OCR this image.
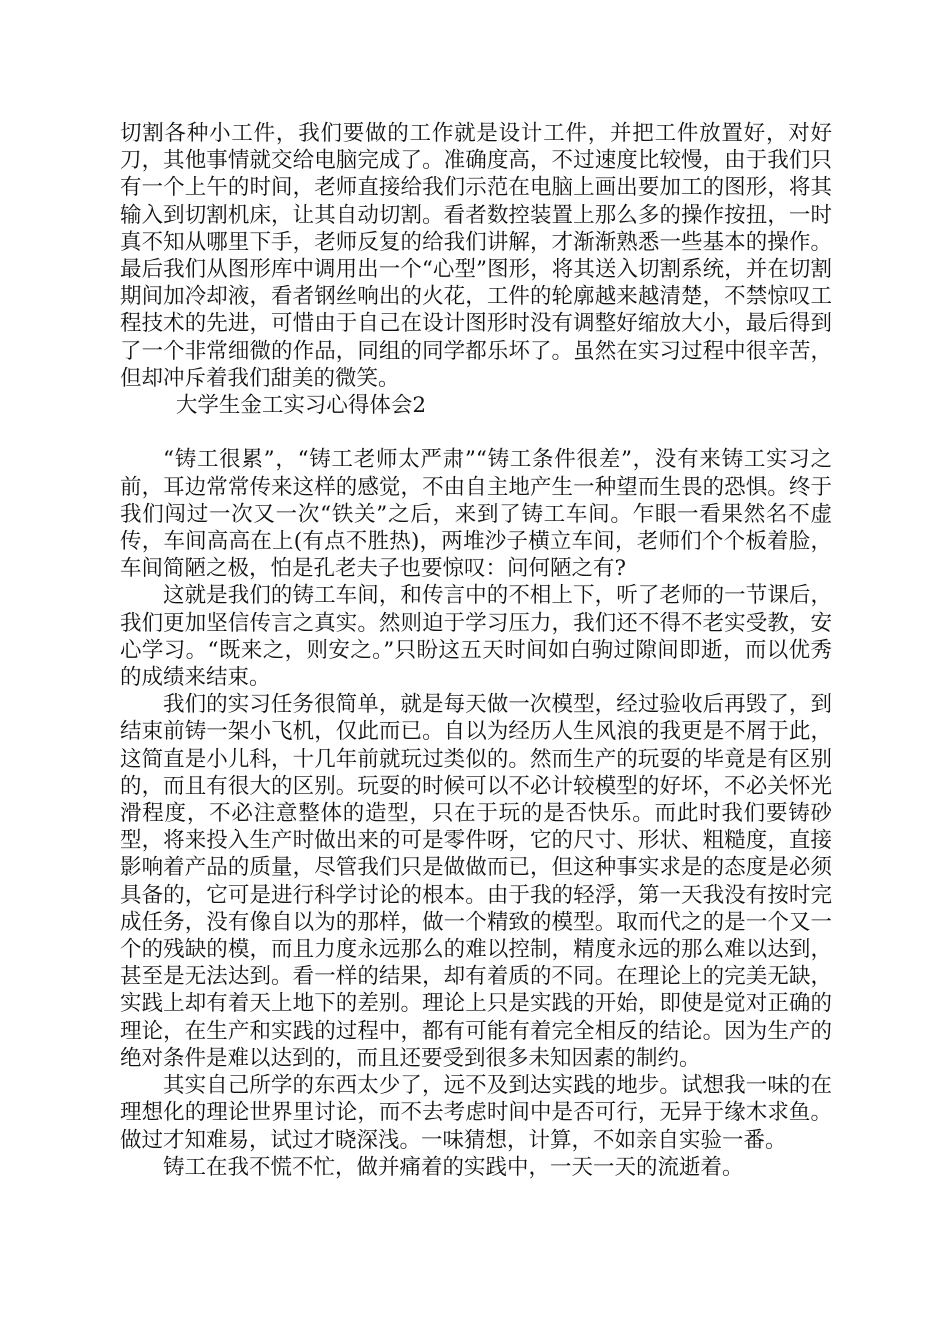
切割各种小工件，我们要做的工作就是设计工件，并把工件放置好，对好刀，其他事情就交给电脑完成了。准确度高，不过速度比较慢，由于我们只有一个上午的时间，老师直接给我们示范在电脑上画出要加工的图形，将其输入到切割机床，让其自动切割。看者数控装置上那么多的操作按扭，一时真不知从哪里下手，老师反复的给我们讲解，才渐渐熟悉一些基本的操作。最后我们从图形库中调用出一个“心型”图形，将其送入切割系统，并在切割期间加冷却液，看者钢丝响出的火花，工件的轮廓越来越清楚，不禁惊叹工程技术的先进，可惜由于自己在设计图形时没有调整好缩放大小，最后得到了一个非常细微的作品，同组的同学都乐坏了。虽然在实习过程中很辛苦，但却冲斥着我们甜美的微笑。

大学生金工实习心得体会2

“铸工很累”，“铸工老师太严肃”“铸工条件很差”，没有来铸工实习之前，耳边常常传来这样的感觉，不由自主地产生一种望而生畏的恐惧。终于我们闯过一次又一次“铁关”之后，来到了铸工车间。乍眼一看果然名不虚传，车间高高在上(有点不胜热)，两堆沙子横立车间，老师们个个板着脸，车间简陋之极，怕是孔老夫子也要惊叹：问何陋之有?

这就是我们的铸工车间，和传言中的不相上下，听了老师的一节课后，我们更加坚信传言之真实。然则迫于学习压力，我们还不得不老实受教，安心学习。“既来之，则安之。”只盼这五天时间如白驹过隙间即逝，而以优秀的成绩来结束。

我们的实习任务很简单，就是每天做一次模型，经过验收后再毁了，到结束前铸一架小飞机，仅此而已。自以为经历人生风浪的我更是不屑于此，这简直是小儿科，十几年前就玩过类似的。然而生产的玩耍的毕竟是有区别的，而且有很大的区别。玩耍的时候可以不必计较模型的好坏，不必关怀光滑程度，不必注意整体的造型，只在于玩的是否快乐。而此时我们要铸砂型，将来投入生产时做出来的可是零件呀，它的尺寸、形状、粗糙度，直接影响着产品的质量，尽管我们只是做做而已，但这种事实求是的态度是必须具备的，它可是进行科学讨论的根本。由于我的轻浮，第一天我没有按时完成任务，没有像自以为的那样，做一个精致的模型。取而代之的是一个又一个的残缺的模，而且力度永远那么的难以控制，精度永远的那么难以达到，甚至是无法达到。看一样的结果，却有着质的不同。在理论上的完美无缺，实践上却有着天上地下的差别。理论上只是实践的开始，即使是觉对正确的理论，在生产和实践的过程中，都有可能有着完全相反的结论。因为生产的绝对条件是难以达到的，而且还要受到很多未知因素的制约。

其实自己所学的东西太少了，远不及到达实践的地步。试想我一味的在理想化的理论世界里讨论，而不去考虑时间中是否可行，无异于缘木求鱼。做过才知难易，试过才晓深浅。一味猜想，计算，不如亲自实验一番。

铸工在我不慌不忙，做并痛着的实践中，一天一天的流逝着。
